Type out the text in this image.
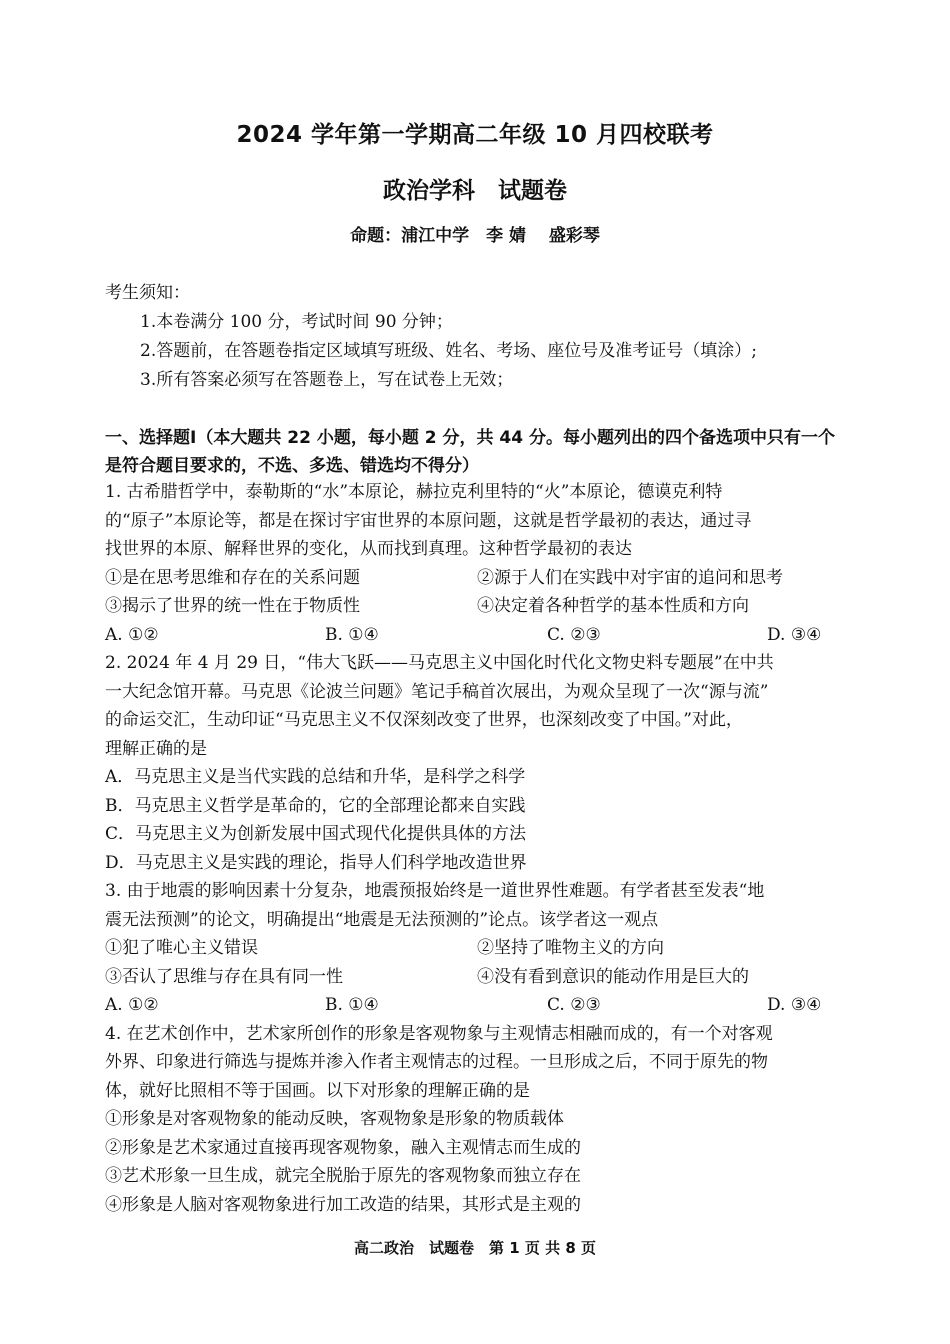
2024 学年第一学期高二年级 10 月四校联考
政治学科　试题卷
命题：浦江中学　李 婧　 盛彩琴
考生须知：
1.本卷满分 100 分，考试时间 90 分钟；
2.答题前，在答题卷指定区域填写班级、姓名、考场、座位号及准考证号（填涂）;
3.所有答案必须写在答题卷上，写在试卷上无效；
一、选择题Ⅰ（本大题共 22 小题，每小题 2 分，共 44 分。每小题列出的四个备选项中只有一个是符合题目要求的，不选、多选、错选均不得分）
1. 古希腊哲学中，泰勒斯的“水”本原论，赫拉克利里特的“火”本原论，德谟克利特
的“原子”本原论等，都是在探讨宇宙世界的本原问题，这就是哲学最初的表达，通过寻
找世界的本原、解释世界的变化，从而找到真理。这种哲学最初的表达
①是在思考思维和存在的关系问题	②源于人们在实践中对宇宙的追问和思考
③揭示了世界的统一性在于物质性	④决定着各种哲学的基本性质和方向
A. ①②	B. ①④	C. ②③	D. ③④
2. 2024 年 4 月 29 日，“伟大飞跃——马克思主义中国化时代化文物史料专题展”在中共
一大纪念馆开幕。马克思《论波兰问题》笔记手稿首次展出，为观众呈现了一次“源与流”
的命运交汇，生动印证“马克思主义不仅深刻改变了世界，也深刻改变了中国。”对此，
理解正确的是
A．马克思主义是当代实践的总结和升华，是科学之科学
B．马克思主义哲学是革命的，它的全部理论都来自实践
C．马克思主义为创新发展中国式现代化提供具体的方法
D．马克思主义是实践的理论，指导人们科学地改造世界
3. 由于地震的影响因素十分复杂，地震预报始终是一道世界性难题。有学者甚至发表“地
震无法预测”的论文，明确提出“地震是无法预测的”论点。该学者这一观点
①犯了唯心主义错误	②坚持了唯物主义的方向
③否认了思维与存在具有同一性	④没有看到意识的能动作用是巨大的
A. ①②	B. ①④	C. ②③	D. ③④
4. 在艺术创作中，艺术家所创作的形象是客观物象与主观情志相融而成的，有一个对客观
外界、印象进行筛选与提炼并渗入作者主观情志的过程。一旦形成之后，不同于原先的物
体，就好比照相不等于国画。以下对形象的理解正确的是
①形象是对客观物象的能动反映，客观物象是形象的物质载体
②形象是艺术家通过直接再现客观物象，融入主观情志而生成的
③艺术形象一旦生成，就完全脱胎于原先的客观物象而独立存在
④形象是人脑对客观物象进行加工改造的结果，其形式是主观的
高二政治　试题卷　第 1 页 共 8 页
